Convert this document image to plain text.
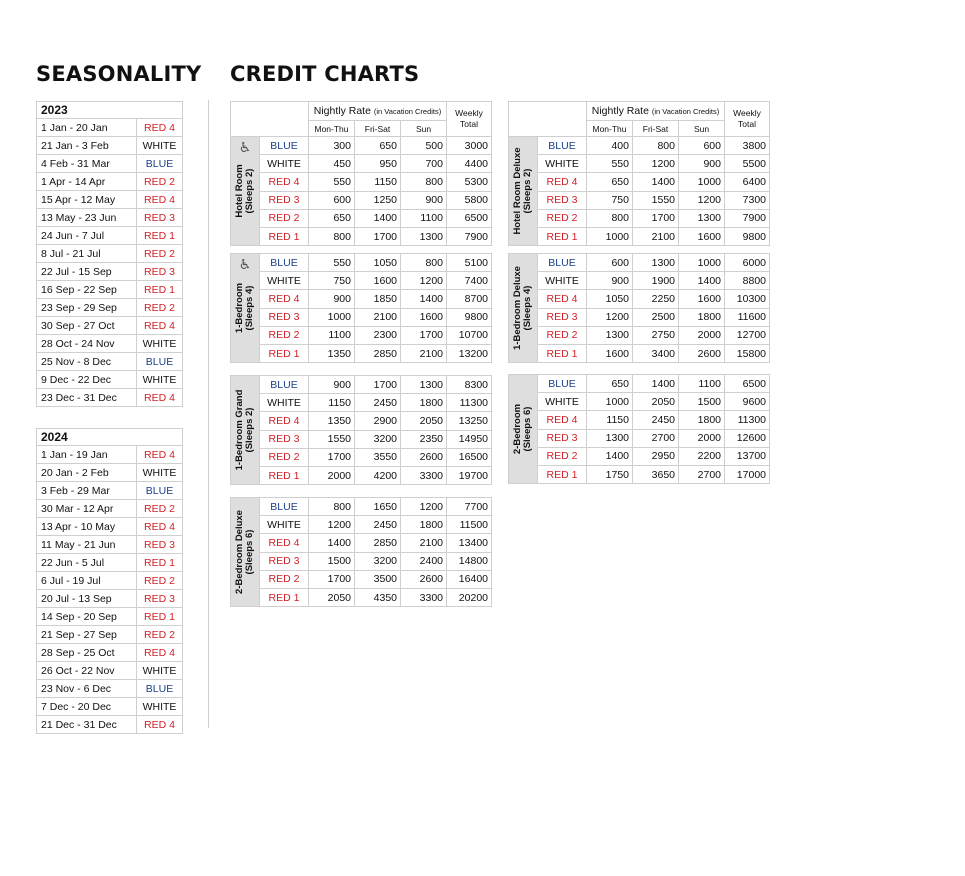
SEASONALITY CREDIT CHARTS
2023	
1 Jan - 20 Jan	RED 4
21 Jan - 3 Feb	WHITE
4 Feb - 31 Mar	BLUE
1 Apr - 14 Apr	RED 2
15 Apr - 12 May	RED 4
13 May - 23 Jun	RED 3
24 Jun - 7 Jul	RED 1
8 Jul - 21 Jul	RED 2
22 Jul - 15 Sep	RED 3
16 Sep - 22 Sep	RED 1
23 Sep - 29 Sep	RED 2
30 Sep - 27 Oct	RED 4
28 Oct - 24 Nov	WHITE
25 Nov - 8 Dec	BLUE
9 Dec - 22 Dec	WHITE
23 Dec - 31 Dec	RED 4
2024	
1 Jan - 19 Jan	RED 4
20 Jan - 2 Feb	WHITE
3 Feb - 29 Mar	BLUE
30 Mar - 12 Apr	RED 2
13 Apr - 10 May	RED 4
11 May - 21 Jun	RED 3
22 Jun - 5 Jul	RED 1
6 Jul - 19 Jul	RED 2
20 Jul - 13 Sep	RED 3
14 Sep - 20 Sep	RED 1
21 Sep - 27 Sep	RED 2
28 Sep - 25 Oct	RED 4
26 Oct - 22 Nov	WHITE
23 Nov - 6 Dec	BLUE
7 Dec - 20 Dec	WHITE
21 Dec - 31 Dec	RED 4
		Nightly Rate (in Vacation Credits)			Weekly
Total
		Mon-Thu	Fri-Sat	Sun	

♿
Hotel Room
(Sleeps 2)	BLUE	300	650	500	3000
	WHITE	450	950	700	4400
	RED 4	550	1150	800	5300
	RED 3	600	1250	900	5800
	RED 2	650	1400	1100	6500
	RED 1	800	1700	1300	7900
		Nightly Rate (in Vacation Credits)			Weekly
Total
		Mon-Thu	Fri-Sat	Sun	

Hotel Room Deluxe
(Sleeps 2)	BLUE	400	800	600	3800
	WHITE	550	1200	900	5500
	RED 4	650	1400	1000	6400
	RED 3	750	1550	1200	7300
	RED 2	800	1700	1300	7900
	RED 1	1000	2100	1600	9800
♿
1-Bedroom
(Sleeps 4)	BLUE	550	1050	800	5100
	WHITE	750	1600	1200	7400
	RED 4	900	1850	1400	8700
	RED 3	1000	2100	1600	9800
	RED 2	1100	2300	1700	10700
	RED 1	1350	2850	2100	13200
1-Bedroom Deluxe
(Sleeps 4)	BLUE	600	1300	1000	6000
	WHITE	900	1900	1400	8800
	RED 4	1050	2250	1600	10300
	RED 3	1200	2500	1800	11600
	RED 2	1300	2750	2000	12700
	RED 1	1600	3400	2600	15800
1-Bedroom Grand
(Sleeps 2)	BLUE	900	1700	1300	8300
	WHITE	1150	2450	1800	11300
	RED 4	1350	2900	2050	13250
	RED 3	1550	3200	2350	14950
	RED 2	1700	3550	2600	16500
	RED 1	2000	4200	3300	19700
2-Bedroom
(Sleeps 6)	BLUE	650	1400	1100	6500
	WHITE	1000	2050	1500	9600
	RED 4	1150	2450	1800	11300
	RED 3	1300	2700	2000	12600
	RED 2	1400	2950	2200	13700
	RED 1	1750	3650	2700	17000
2-Bedroom Deluxe
(Sleeps 6)	BLUE	800	1650	1200	7700
	WHITE	1200	2450	1800	11500
	RED 4	1400	2850	2100	13400
	RED 3	1500	3200	2400	14800
	RED 2	1700	3500	2600	16400
	RED 1	2050	4350	3300	20200
